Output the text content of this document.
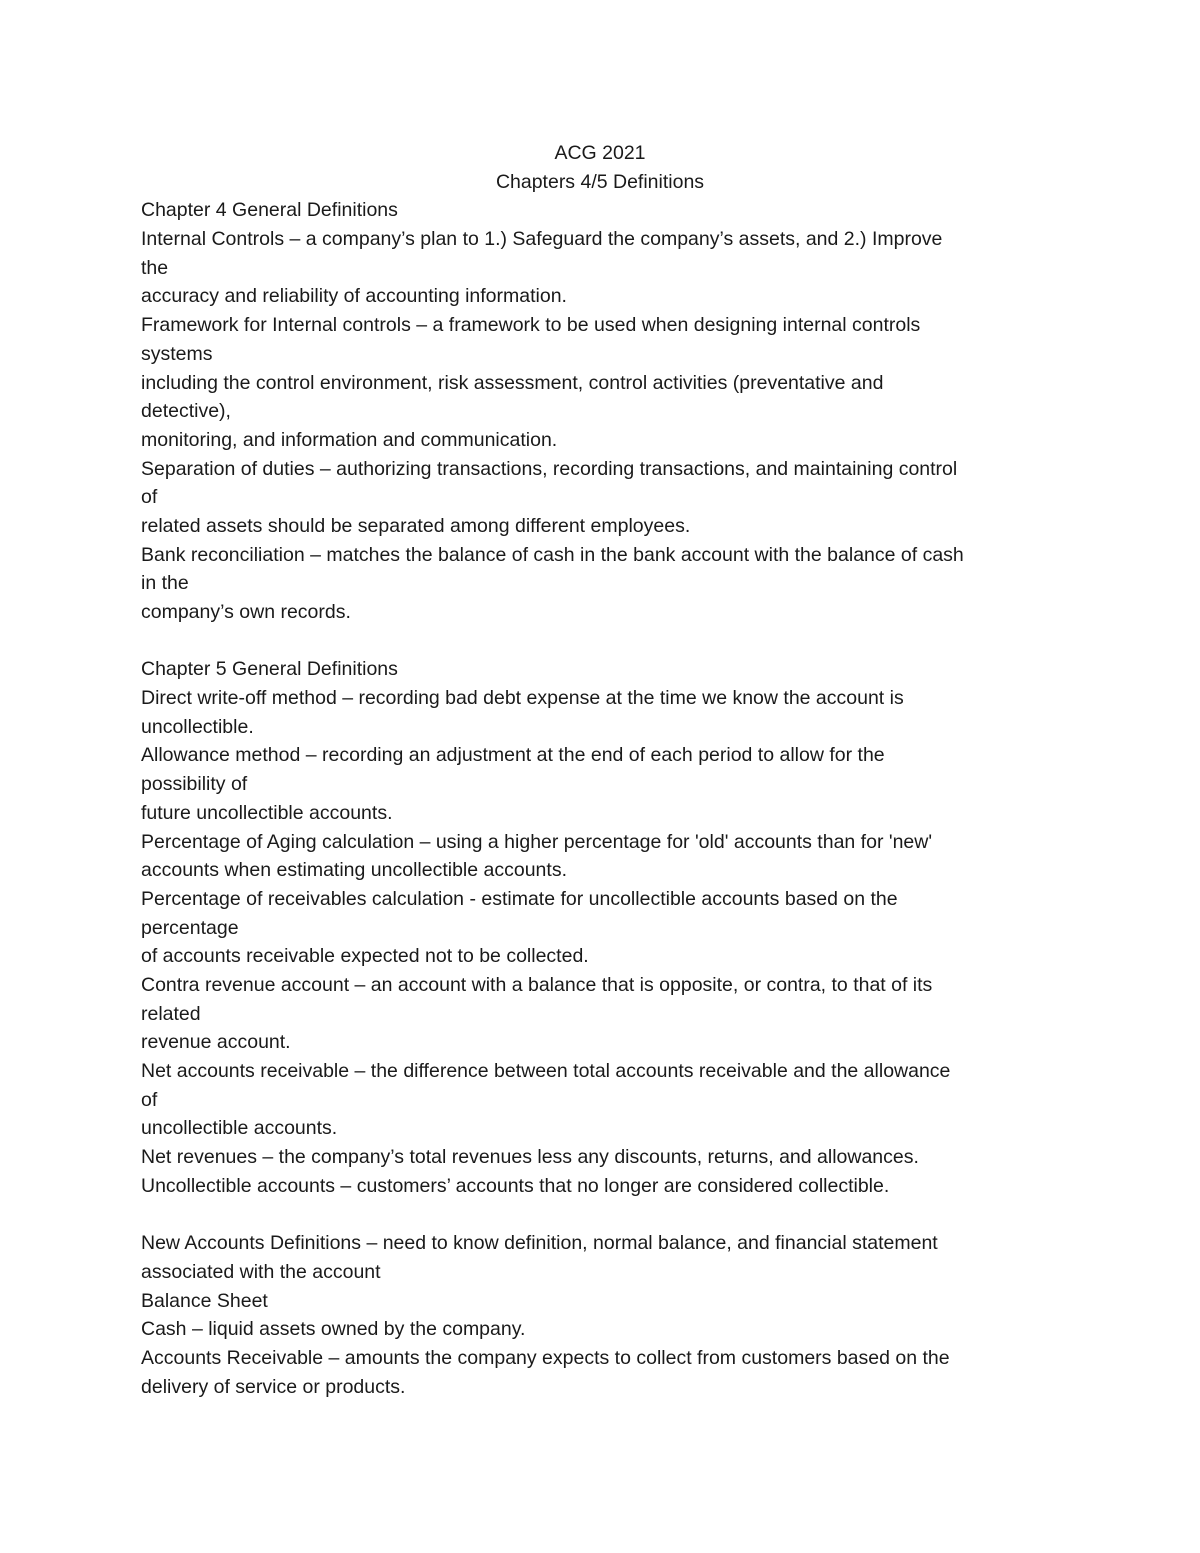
ACG 2021
Chapters 4/5 Definitions
Chapter 4 General Definitions
Internal Controls – a company’s plan to 1.) Safeguard the company’s assets, and 2.) Improve
the
accuracy and reliability of accounting information.
Framework for Internal controls – a framework to be used when designing internal controls
systems
including the control environment, risk assessment, control activities (preventative and
detective),
monitoring, and information and communication.
Separation of duties – authorizing transactions, recording transactions, and maintaining control
of
related assets should be separated among different employees.
Bank reconciliation – matches the balance of cash in the bank account with the balance of cash
in the
company’s own records.
Chapter 5 General Definitions
Direct write-off method – recording bad debt expense at the time we know the account is
uncollectible.
Allowance method – recording an adjustment at the end of each period to allow for the
possibility of
future uncollectible accounts.
Percentage of Aging calculation – using a higher percentage for 'old' accounts than for 'new'
accounts when estimating uncollectible accounts.
Percentage of receivables calculation - estimate for uncollectible accounts based on the
percentage
of accounts receivable expected not to be collected.
Contra revenue account – an account with a balance that is opposite, or contra, to that of its
related
revenue account.
Net accounts receivable – the difference between total accounts receivable and the allowance
of
uncollectible accounts.
Net revenues – the company’s total revenues less any discounts, returns, and allowances.
Uncollectible accounts – customers’ accounts that no longer are considered collectible.
New Accounts Definitions – need to know definition, normal balance, and financial statement
associated with the account
Balance Sheet
Cash – liquid assets owned by the company.
Accounts Receivable – amounts the company expects to collect from customers based on the
delivery of service or products.
